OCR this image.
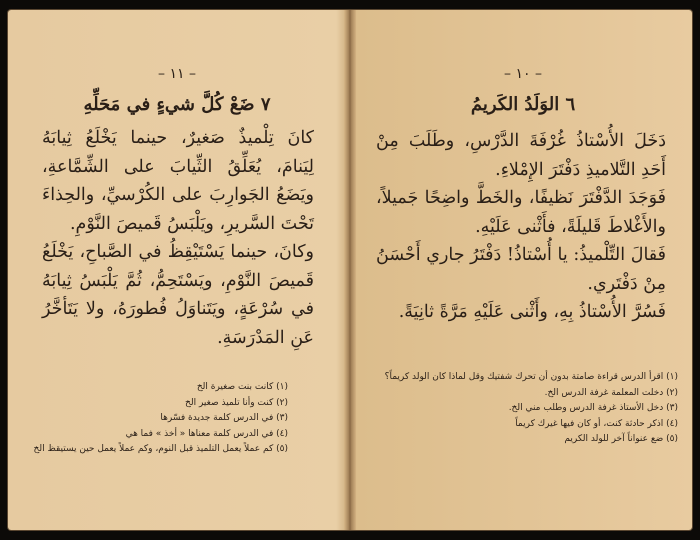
– ١١ –
٧ ضَعْ كُلَّ شيءٍ في مَحَلِّهِ

كانَ تِلْميذٌ صَغيرٌ، حينما يَخْلَعُ ثِيابَهُ لِيَنامَ، يُعَلِّقُ الثِّيابَ على الشِّمَّاعةِ، ويَضَعُ الجَوارِبَ على الكُرْسيِّ، والحِذاءَ تَحْتَ السَّريرِ، ويَلْبَسُ قَميصَ النَّوْمِ.

وكانَ، حينما يَسْتَيْقِظُ في الصَّباحِ، يَخْلَعُ قَميصَ النَّوْمِ، ويَسْتَحِمُّ، ثُمَّ يَلْبَسُ ثِيابَهُ في سُرْعَةٍ، ويَتَناوَلُ فُطورَهُ، ولا يَتَأخَّرُ عَنِ المَدْرَسَةِ.

(١) كانت بنت صغيرة الخ
(٢) كنت وأنا تلميذ صغير الخ
(٣) في الدرس كلمة جديدة فسّرها
(٤) في الدرس كلمة معناها « أخذ » فما هي
(٥) كم عملاً يعمل التلميذ قبل النوم، وكم عملاً يعمل حين يستيقظ الخ
– ١٠ –
٦ الوَلَدُ الكَريمُ

دَخَلَ الأُسْتاذُ غُرْفَةَ الدَّرْسِ، وطَلَبَ مِنْ أَحَدِ التَّلاميذِ دَفْتَرَ الإِمْلاءِ.

فَوَجَدَ الدَّفْتَرَ نَظيفًا، والخَطَّ واضِحًا جَميلاً، والأَغْلاطَ قَليلَةً، فأَثْنى عَلَيْهِ.

فَقالَ التِّلْميذُ: يا أُسْتاذُ! دَفْتَرُ جاري أَحْسَنُ مِنْ دَفْتَري.

فَسُرَّ الأُسْتاذُ بِهِ، وأَثْنى عَلَيْهِ مَرَّةً ثانِيَةً.

(١) اقرأ الدرس قراءة صامتة بدون أن تحرك شفتيك وقل لماذا كان الولد كريماً؟
(٢) دخلت المعلمة غرفة الدرس الخ.
(٣) دخل الأستاذ غرفة الدرس وطلب مني الخ.
(٤) اذكر حادثة كنت، أو كان فيها غيرك كريماً
(٥) ضع عنواناً آخر للولد الكريم
